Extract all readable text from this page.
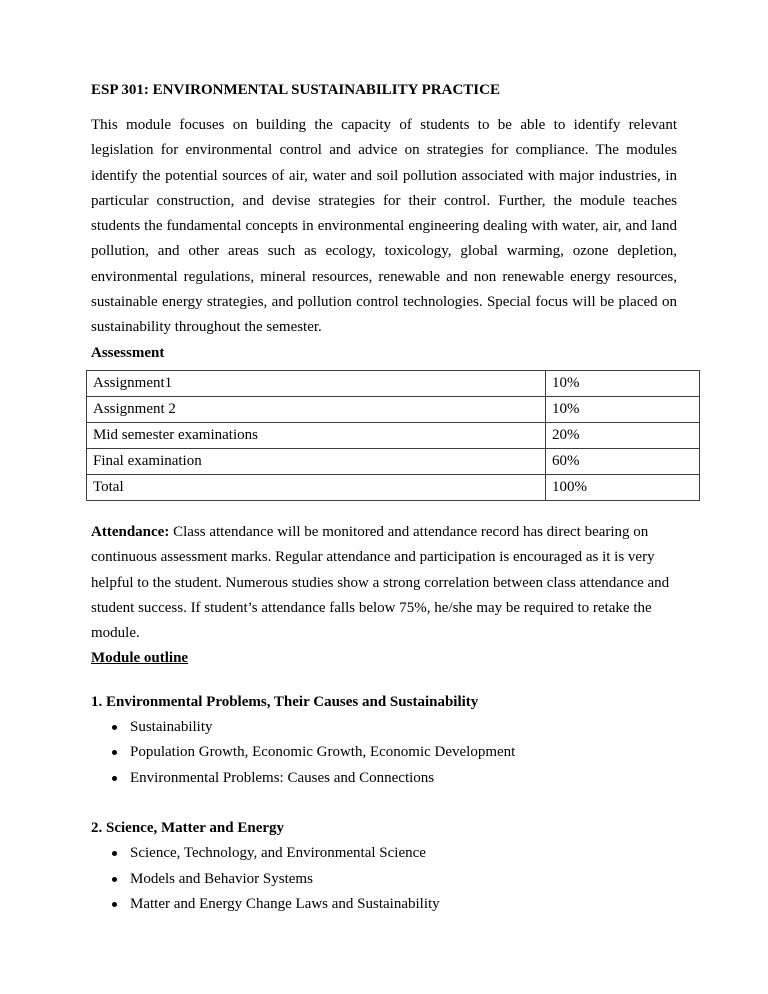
ESP 301: ENVIRONMENTAL SUSTAINABILITY PRACTICE

This module focuses on building the capacity of students to be able to identify relevant legislation for environmental control and advice on strategies for compliance. The modules identify the potential sources of air, water and soil pollution associated with major industries, in particular construction, and devise strategies for their control. Further, the module teaches students the fundamental concepts in environmental engineering dealing with water, air, and land pollution, and other areas such as ecology, toxicology, global warming, ozone depletion, environmental regulations, mineral resources, renewable and non renewable energy resources, sustainable energy strategies, and pollution control technologies. Special focus will be placed on sustainability throughout the semester.

Assessment

Assignment1	10%
Assignment 2	10%
Mid semester examinations	20%
Final examination	60%
Total	100%

Attendance: Class attendance will be monitored and attendance record has direct bearing on continuous assessment marks. Regular attendance and participation is encouraged as it is very helpful to the student. Numerous studies show a strong correlation between class attendance and student success. If student’s attendance falls below 75%, he/she may be required to retake the module.

Module outline

1. Environmental Problems, Their Causes and Sustainability

Sustainability
Population Growth, Economic Growth, Economic Development
Environmental Problems: Causes and Connections

2. Science, Matter and Energy

Science, Technology, and Environmental Science
Models and Behavior Systems
Matter and Energy Change Laws and Sustainability
